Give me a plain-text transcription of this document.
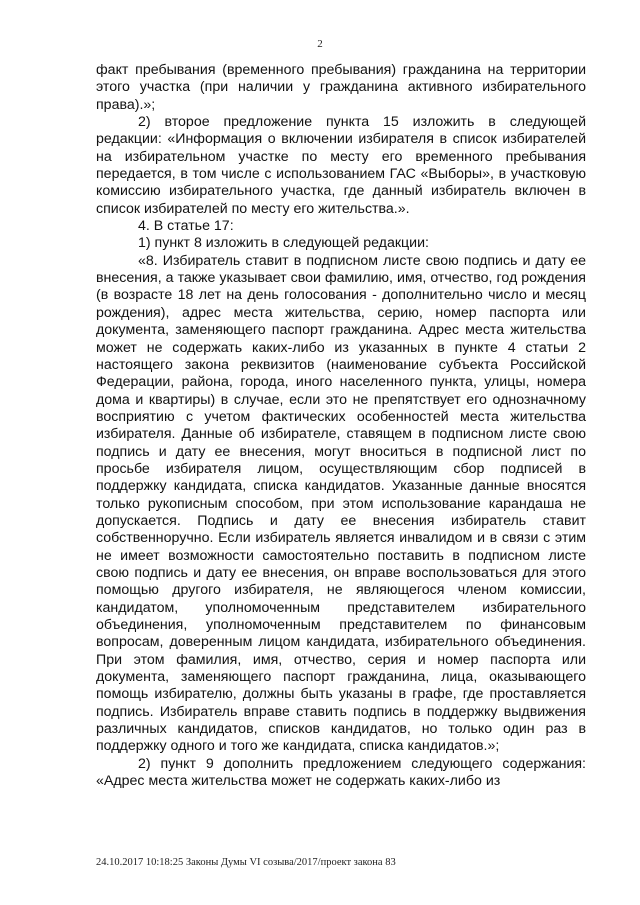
2

факт пребывания (временного пребывания) гражданина на территории этого участка (при наличии у гражданина активного избирательного права).»;

2) второе предложение пункта 15 изложить в следующей редакции: «Информация о включении избирателя в список избирателей на избирательном участке по месту его временного пребывания передается, в том числе с использованием ГАС «Выборы», в участковую комиссию избирательного участка, где данный избиратель включен в список избирателей по месту его жительства.».

4. В статье 17:

1) пункт 8 изложить в следующей редакции:

«8. Избиратель ставит в подписном листе свою подпись и дату ее внесения, а также указывает свои фамилию, имя, отчество, год рождения (в возрасте 18 лет на день голосования - дополнительно число и месяц рождения), адрес места жительства, серию, номер паспорта или документа, заменяющего паспорт гражданина. Адрес места жительства может не содержать каких-либо из указанных в пункте 4 статьи 2 настоящего закона реквизитов (наименование субъекта Российской Федерации, района, города, иного населенного пункта, улицы, номера дома и квартиры) в случае, если это не препятствует его однозначному восприятию с учетом фактических особенностей места жительства избирателя. Данные об избирателе, ставящем в подписном листе свою подпись и дату ее внесения, могут вноситься в подписной лист по просьбе избирателя лицом, осуществляющим сбор подписей в поддержку кандидата, списка кандидатов. Указанные данные вносятся только рукописным способом, при этом использование карандаша не допускается. Подпись и дату ее внесения избиратель ставит собственноручно. Если избиратель является инвалидом и в связи с этим не имеет возможности самостоятельно поставить в подписном листе свою подпись и дату ее внесения, он вправе воспользоваться для этого помощью другого избирателя, не являющегося членом комиссии, кандидатом, уполномоченным представителем избирательного объединения, уполномоченным представителем по финансовым вопросам, доверенным лицом кандидата, избирательного объединения. При этом фамилия, имя, отчество, серия и номер паспорта или документа, заменяющего паспорт гражданина, лица, оказывающего помощь избирателю, должны быть указаны в графе, где проставляется подпись. Избиратель вправе ставить подпись в поддержку выдвижения различных кандидатов, списков кандидатов, но только один раз в поддержку одного и того же кандидата, списка кандидатов.»;

2) пункт 9 дополнить предложением следующего содержания: «Адрес места жительства может не содержать каких-либо из

24.10.2017 10:18:25 Законы Думы VI созыва/2017/проект закона 83
